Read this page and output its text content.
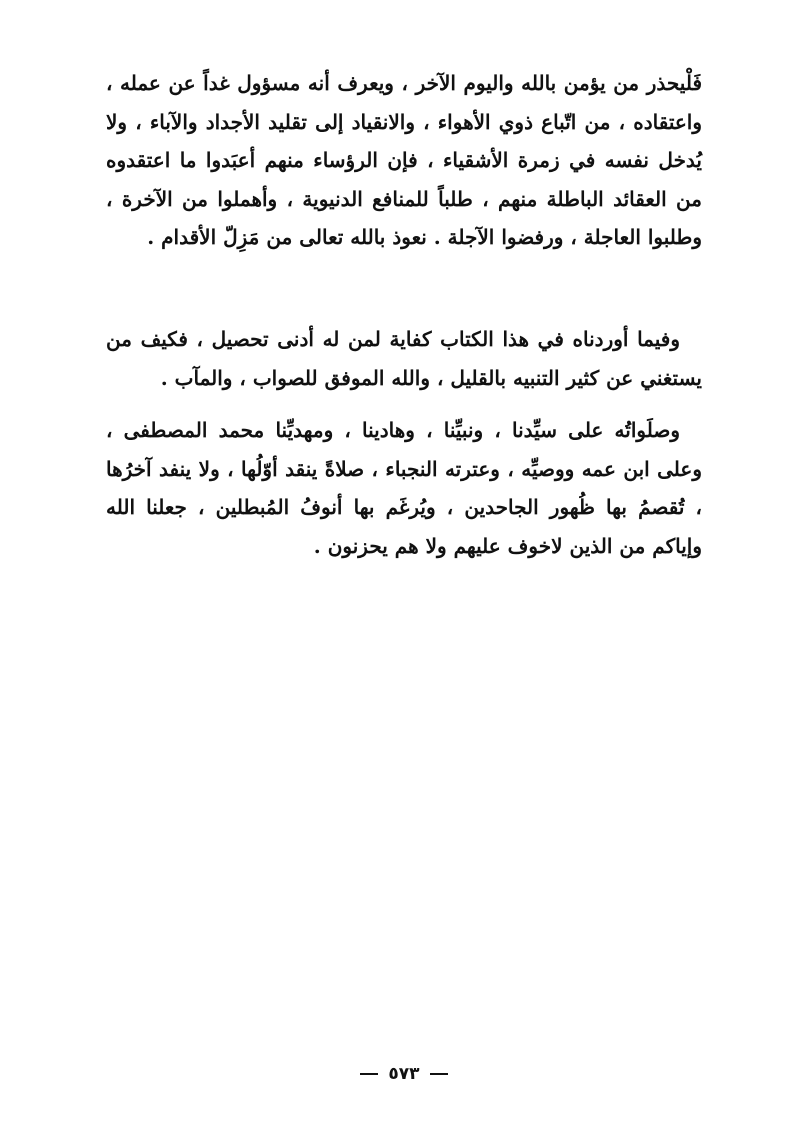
فَلْيحذر من يؤمن بالله واليوم الآخر ، ويعرف أنه مسؤول غداً عن عمله ، واعتقاده ، من اتّباع ذوي الأهواء ، والانقياد إلى تقليد الأجداد والآباء ، ولا يُدخل نفسه في زمرة الأشقياء ، فإن الرؤساء منهم أعبَدوا ما اعتقدوه من العقائد الباطلة منهم ، طلباً للمنافع الدنيوية ، وأهملوا من الآخرة ، وطلبوا العاجلة ، ورفضوا الآجلة . نعوذ بالله تعالى من مَزِلّ الأقدام .

وفيما أوردناه في هذا الكتاب كفاية لمن له أدنى تحصيل ، فكيف من يستغني عن كثير التنبيه بالقليل ، والله الموفق للصواب ، والمآب .

وصلَواتُه على سيِّدنا ، ونبيِّنا ، وهادينا ، ومهديِّنا محمد المصطفى ، وعلى ابن عمه ووصيِّه ، وعترته النجباء ، صلاةً ينقد أوّلُها ، ولا ينفد آخرُها ، تُقصمُ بها ظُهور الجاحدين ، ويُرغَم بها أنوفُ المُبطلين ، جعلنا الله وإياكم من الذين لاخوف عليهم ولا هم يحزنون .

٥٧٣
